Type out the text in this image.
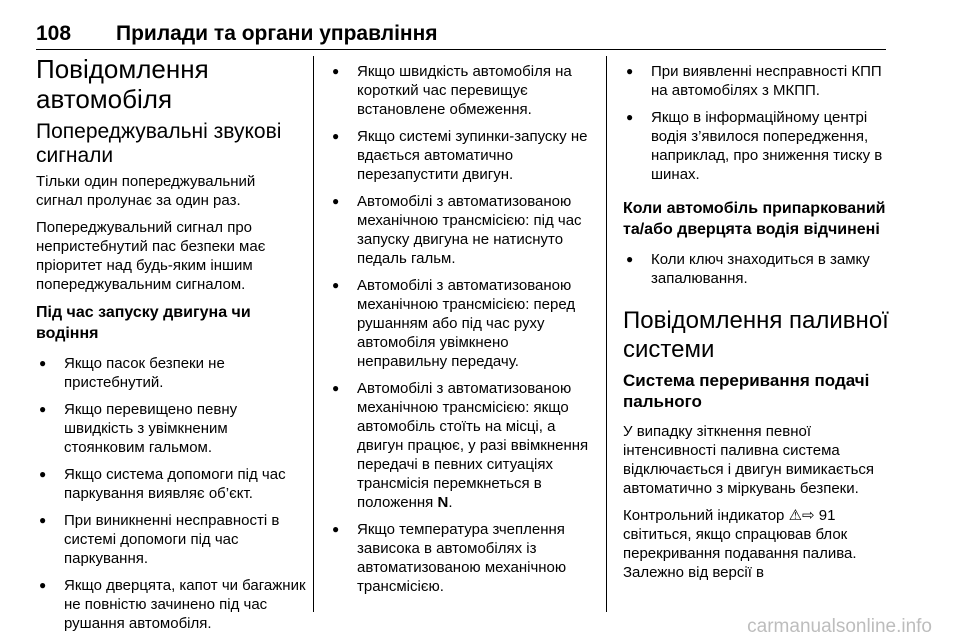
108 Прилади та органи управління
Повідомлення автомобіля
Попереджувальні звукові сигнали
Тільки один попереджувальний сигнал пролунає за один раз.
Попереджувальний сигнал про непристебнутий пас безпеки має пріоритет над будь-яким іншим попереджувальним сигналом.
Під час запуску двигуна чи водіння
● Якщо пасок безпеки не пристебнутий.
● Якщо перевищено певну швидкість з увімкненим стоянковим гальмом.
● Якщо система допомоги під час паркування виявляє об’єкт.
● При виникненні несправності в системі допомоги під час паркування.
● Якщо дверцята, капот чи багажник не повністю зачинено під час рушання автомобіля.
● Якщо швидкість автомобіля на короткий час перевищує встановлене обмеження.
● Якщо системі зупинки-запуску не вдається автоматично перезапустити двигун.
● Автомобілі з автоматизованою механічною трансмісією: під час запуску двигуна не натиснуто педаль гальм.
● Автомобілі з автоматизованою механічною трансмісією: перед рушанням або під час руху автомобіля увімкнено неправильну передачу.
● Автомобілі з автоматизованою механічною трансмісією: якщо автомобіль стоїть на місці, а двигун працює, у разі ввімкнення передачі в певних ситуаціях трансмісія перемкнеться в положення N.
● Якщо температура зчеплення зависока в автомобілях із автоматизованою механічною трансмісією.
● При виявленні несправності КПП на автомобілях з МКПП.
● Якщо в інформаційному центрі водія з’явилося попередження, наприклад, про зниження тиску в шинах.
Коли автомобіль припаркований та/або дверцята водія відчинені
● Коли ключ знаходиться в замку запалювання.
Повідомлення паливної системи
Система переривання подачі пального
У випадку зіткнення певної інтенсивності паливна система відключається і двигун вимикається автоматично з міркувань безпеки.
Контрольний індикатор ⚠⇨ 91 світиться, якщо спрацював блок перекривання подавання палива. Залежно від версії в
carmanualsonline.info
